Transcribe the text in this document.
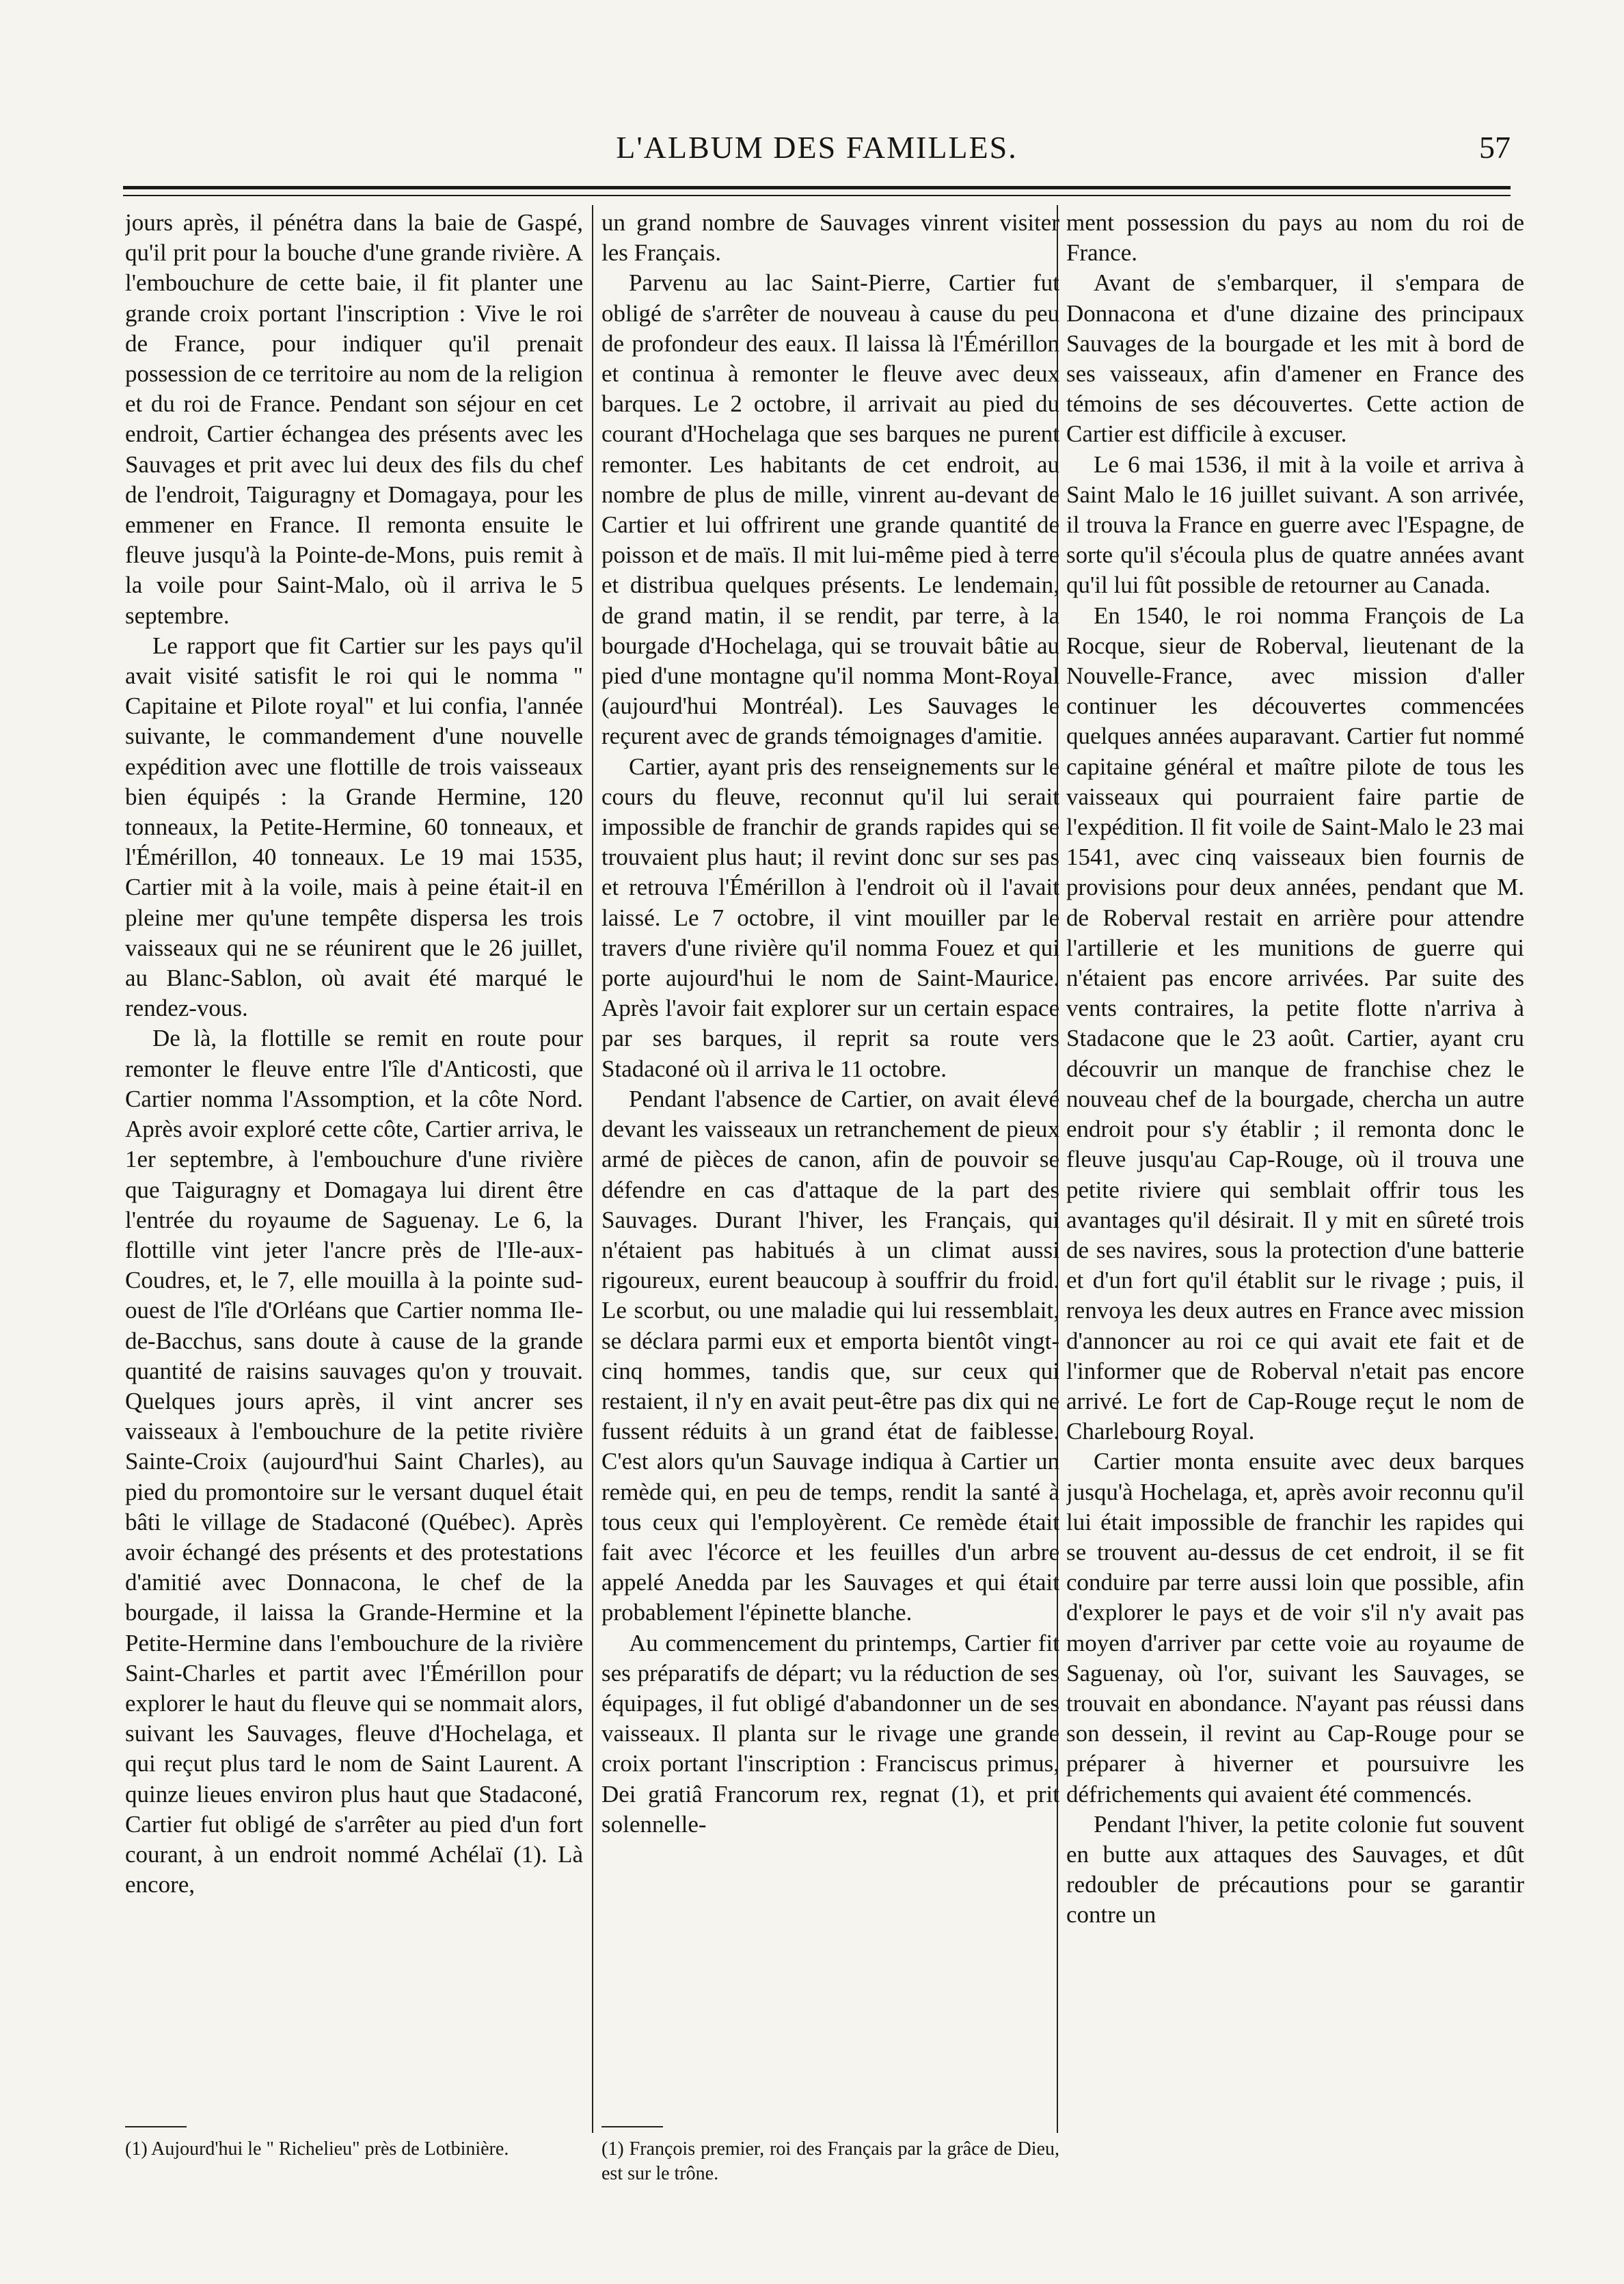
L'ALBUM DES FAMILLES.	57

jours après, il pénétra dans la baie de Gaspé, qu'il prit pour la bouche d'une grande rivière. A l'embouchure de cette baie, il fit planter une grande croix portant l'inscription : Vive le roi de France, pour indiquer qu'il prenait possession de ce territoire au nom de la religion et du roi de France. Pendant son séjour en cet endroit, Cartier échangea des présents avec les Sauvages et prit avec lui deux des fils du chef de l'endroit, Taiguragny et Domagaya, pour les emmener en France. Il remonta ensuite le fleuve jusqu'à la Pointe-de-Mons, puis remit à la voile pour Saint-Malo, où il arriva le 5 septembre.

Le rapport que fit Cartier sur les pays qu'il avait visité satisfit le roi qui le nomma " Capitaine et Pilote royal" et lui confia, l'année suivante, le commandement d'une nouvelle expédition avec une flottille de trois vaisseaux bien équipés : la Grande Hermine, 120 tonneaux, la Petite-Hermine, 60 tonneaux, et l'Émérillon, 40 tonneaux. Le 19 mai 1535, Cartier mit à la voile, mais à peine était-il en pleine mer qu'une tempête dispersa les trois vaisseaux qui ne se réunirent que le 26 juillet, au Blanc-Sablon, où avait été marqué le rendez-vous.

De là, la flottille se remit en route pour remonter le fleuve entre l'île d'Anticosti, que Cartier nomma l'Assomption, et la côte Nord. Après avoir exploré cette côte, Cartier arriva, le 1er septembre, à l'embouchure d'une rivière que Taiguragny et Domagaya lui dirent être l'entrée du royaume de Saguenay. Le 6, la flottille vint jeter l'ancre près de l'Ile-aux-Coudres, et, le 7, elle mouilla à la pointe sud-ouest de l'île d'Orléans que Cartier nomma Ile-de-Bacchus, sans doute à cause de la grande quantité de raisins sauvages qu'on y trouvait. Quelques jours après, il vint ancrer ses vaisseaux à l'embouchure de la petite rivière Sainte-Croix (aujourd'hui Saint Charles), au pied du promontoire sur le versant duquel était bâti le village de Stadaconé (Québec). Après avoir échangé des présents et des protestations d'amitié avec Donnacona, le chef de la bourgade, il laissa la Grande-Hermine et la Petite-Hermine dans l'embouchure de la rivière Saint-Charles et partit avec l'Émérillon pour explorer le haut du fleuve qui se nommait alors, suivant les Sauvages, fleuve d'Hochelaga, et qui reçut plus tard le nom de Saint Laurent. A quinze lieues environ plus haut que Stadaconé, Cartier fut obligé de s'arrêter au pied d'un fort courant, à un endroit nommé Achélaï (1). Là encore,

un grand nombre de Sauvages vinrent visiter les Français.

Parvenu au lac Saint-Pierre, Cartier fut obligé de s'arrêter de nouveau à cause du peu de profondeur des eaux. Il laissa là l'Émérillon et continua à remonter le fleuve avec deux barques. Le 2 octobre, il arrivait au pied du courant d'Hochelaga que ses barques ne purent remonter. Les habitants de cet endroit, au nombre de plus de mille, vinrent au-devant de Cartier et lui offrirent une grande quantité de poisson et de maïs. Il mit lui-même pied à terre et distribua quelques présents. Le lendemain, de grand matin, il se rendit, par terre, à la bourgade d'Hochelaga, qui se trouvait bâtie au pied d'une montagne qu'il nomma Mont-Royal (aujourd'hui Montréal). Les Sauvages le reçurent avec de grands témoignages d'amitie.

Cartier, ayant pris des renseignements sur le cours du fleuve, reconnut qu'il lui serait impossible de franchir de grands rapides qui se trouvaient plus haut; il revint donc sur ses pas et retrouva l'Émérillon à l'endroit où il l'avait laissé. Le 7 octobre, il vint mouiller par le travers d'une rivière qu'il nomma Fouez et qui porte aujourd'hui le nom de Saint-Maurice. Après l'avoir fait explorer sur un certain espace par ses barques, il reprit sa route vers Stadaconé où il arriva le 11 octobre.

Pendant l'absence de Cartier, on avait élevé devant les vaisseaux un retranchement de pieux armé de pièces de canon, afin de pouvoir se défendre en cas d'attaque de la part des Sauvages. Durant l'hiver, les Français, qui n'étaient pas habitués à un climat aussi rigoureux, eurent beaucoup à souffrir du froid. Le scorbut, ou une maladie qui lui ressemblait, se déclara parmi eux et emporta bientôt vingt-cinq hommes, tandis que, sur ceux qui restaient, il n'y en avait peut-être pas dix qui ne fussent réduits à un grand état de faiblesse. C'est alors qu'un Sauvage indiqua à Cartier un remède qui, en peu de temps, rendit la santé à tous ceux qui l'employèrent. Ce remède était fait avec l'écorce et les feuilles d'un arbre appelé Anedda par les Sauvages et qui était probablement l'épinette blanche.

Au commencement du printemps, Cartier fit ses préparatifs de départ; vu la réduction de ses équipages, il fut obligé d'abandonner un de ses vaisseaux. Il planta sur le rivage une grande croix portant l'inscription : Franciscus primus, Dei gratiâ Francorum rex, regnat (1), et prit solennelle-

ment possession du pays au nom du roi de France.

Avant de s'embarquer, il s'empara de Donnacona et d'une dizaine des principaux Sauvages de la bourgade et les mit à bord de ses vaisseaux, afin d'amener en France des témoins de ses découvertes. Cette action de Cartier est difficile à excuser.

Le 6 mai 1536, il mit à la voile et arriva à Saint Malo le 16 juillet suivant. A son arrivée, il trouva la France en guerre avec l'Espagne, de sorte qu'il s'écoula plus de quatre années avant qu'il lui fût possible de retourner au Canada.

En 1540, le roi nomma François de La Rocque, sieur de Roberval, lieutenant de la Nouvelle-France, avec mission d'aller continuer les découvertes commencées quelques années auparavant. Cartier fut nommé capitaine général et maître pilote de tous les vaisseaux qui pourraient faire partie de l'expédition. Il fit voile de Saint-Malo le 23 mai 1541, avec cinq vaisseaux bien fournis de provisions pour deux années, pendant que M. de Roberval restait en arrière pour attendre l'artillerie et les munitions de guerre qui n'étaient pas encore arrivées. Par suite des vents contraires, la petite flotte n'arriva à Stadacone que le 23 août. Cartier, ayant cru découvrir un manque de franchise chez le nouveau chef de la bourgade, chercha un autre endroit pour s'y établir ; il remonta donc le fleuve jusqu'au Cap-Rouge, où il trouva une petite riviere qui semblait offrir tous les avantages qu'il désirait. Il y mit en sûreté trois de ses navires, sous la protection d'une batterie et d'un fort qu'il établit sur le rivage ; puis, il renvoya les deux autres en France avec mission d'annoncer au roi ce qui avait ete fait et de l'informer que de Roberval n'etait pas encore arrivé. Le fort de Cap-Rouge reçut le nom de Charlebourg Royal.

Cartier monta ensuite avec deux barques jusqu'à Hochelaga, et, après avoir reconnu qu'il lui était impossible de franchir les rapides qui se trouvent au-dessus de cet endroit, il se fit conduire par terre aussi loin que possible, afin d'explorer le pays et de voir s'il n'y avait pas moyen d'arriver par cette voie au royaume de Saguenay, où l'or, suivant les Sauvages, se trouvait en abondance. N'ayant pas réussi dans son dessein, il revint au Cap-Rouge pour se préparer à hiverner et poursuivre les défrichements qui avaient été commencés.

Pendant l'hiver, la petite colonie fut souvent en butte aux attaques des Sauvages, et dût redoubler de précautions pour se garantir contre un

(1) Aujourd'hui le " Richelieu" près de Lotbinière.	(1) François premier, roi des Français par la grâce de Dieu, est sur le trône.
